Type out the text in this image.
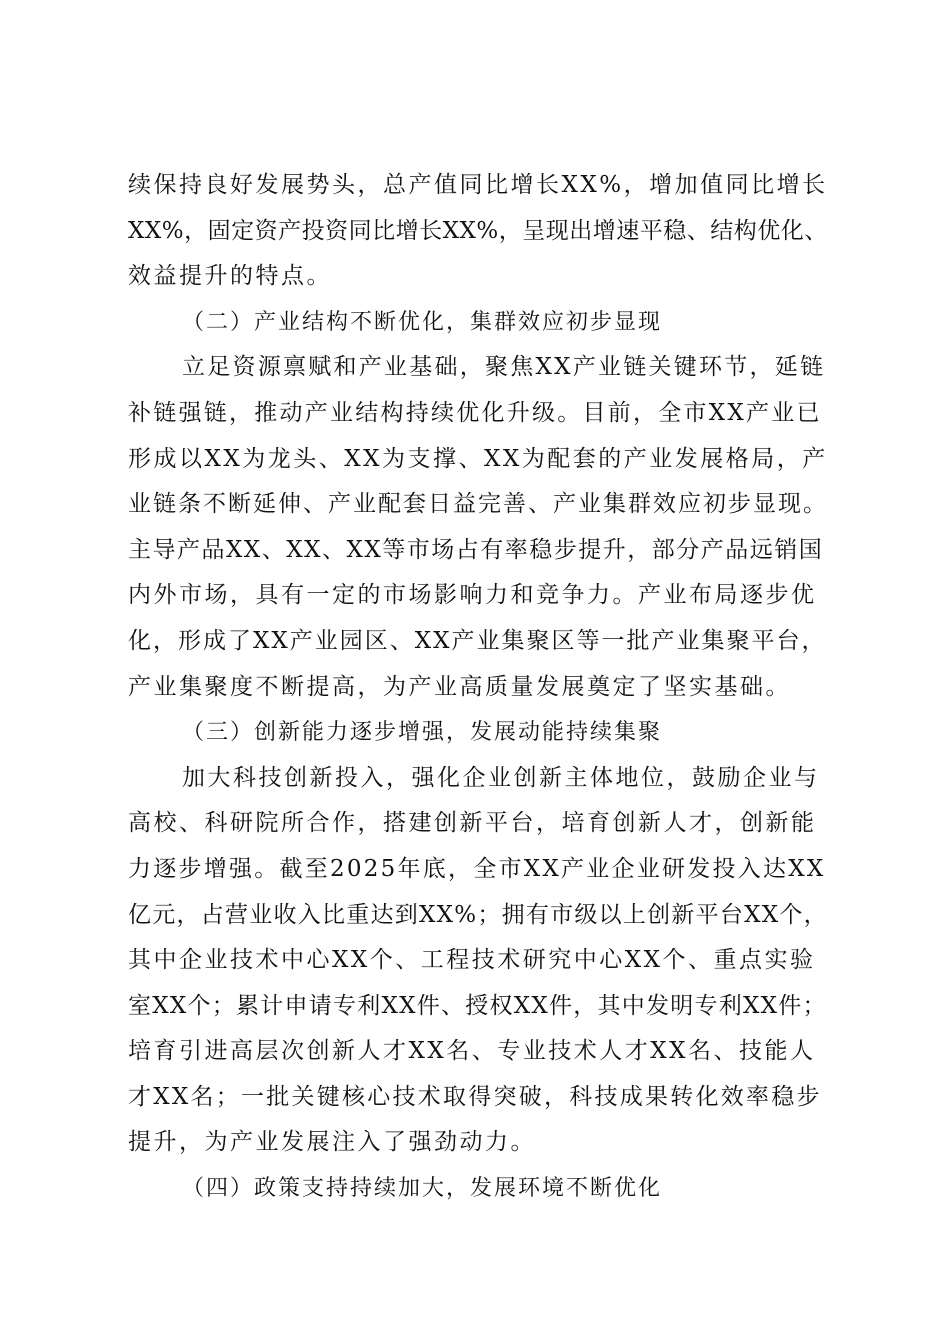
续保持良好发展势头，总产值同比增长XX%，增加值同比增长
XX%，固定资产投资同比增长XX%，呈现出增速平稳、结构优化、
效益提升的特点。
（二）产业结构不断优化，集群效应初步显现
立足资源禀赋和产业基础，聚焦XX产业链关键环节，延链
补链强链，推动产业结构持续优化升级。目前，全市XX产业已
形成以XX为龙头、XX为支撑、XX为配套的产业发展格局，产
业链条不断延伸、产业配套日益完善、产业集群效应初步显现。
主导产品XX、XX、XX等市场占有率稳步提升，部分产品远销国
内外市场，具有一定的市场影响力和竞争力。产业布局逐步优
化，形成了XX产业园区、XX产业集聚区等一批产业集聚平台，
产业集聚度不断提高，为产业高质量发展奠定了坚实基础。
（三）创新能力逐步增强，发展动能持续集聚
加大科技创新投入，强化企业创新主体地位，鼓励企业与
高校、科研院所合作，搭建创新平台，培育创新人才，创新能
力逐步增强。截至2025年底，全市XX产业企业研发投入达XX
亿元，占营业收入比重达到XX%；拥有市级以上创新平台XX个，
其中企业技术中心XX个、工程技术研究中心XX个、重点实验
室XX个；累计申请专利XX件、授权XX件，其中发明专利XX件；
培育引进高层次创新人才XX名、专业技术人才XX名、技能人
才XX名；一批关键核心技术取得突破，科技成果转化效率稳步
提升，为产业发展注入了强劲动力。
（四）政策支持持续加大，发展环境不断优化
